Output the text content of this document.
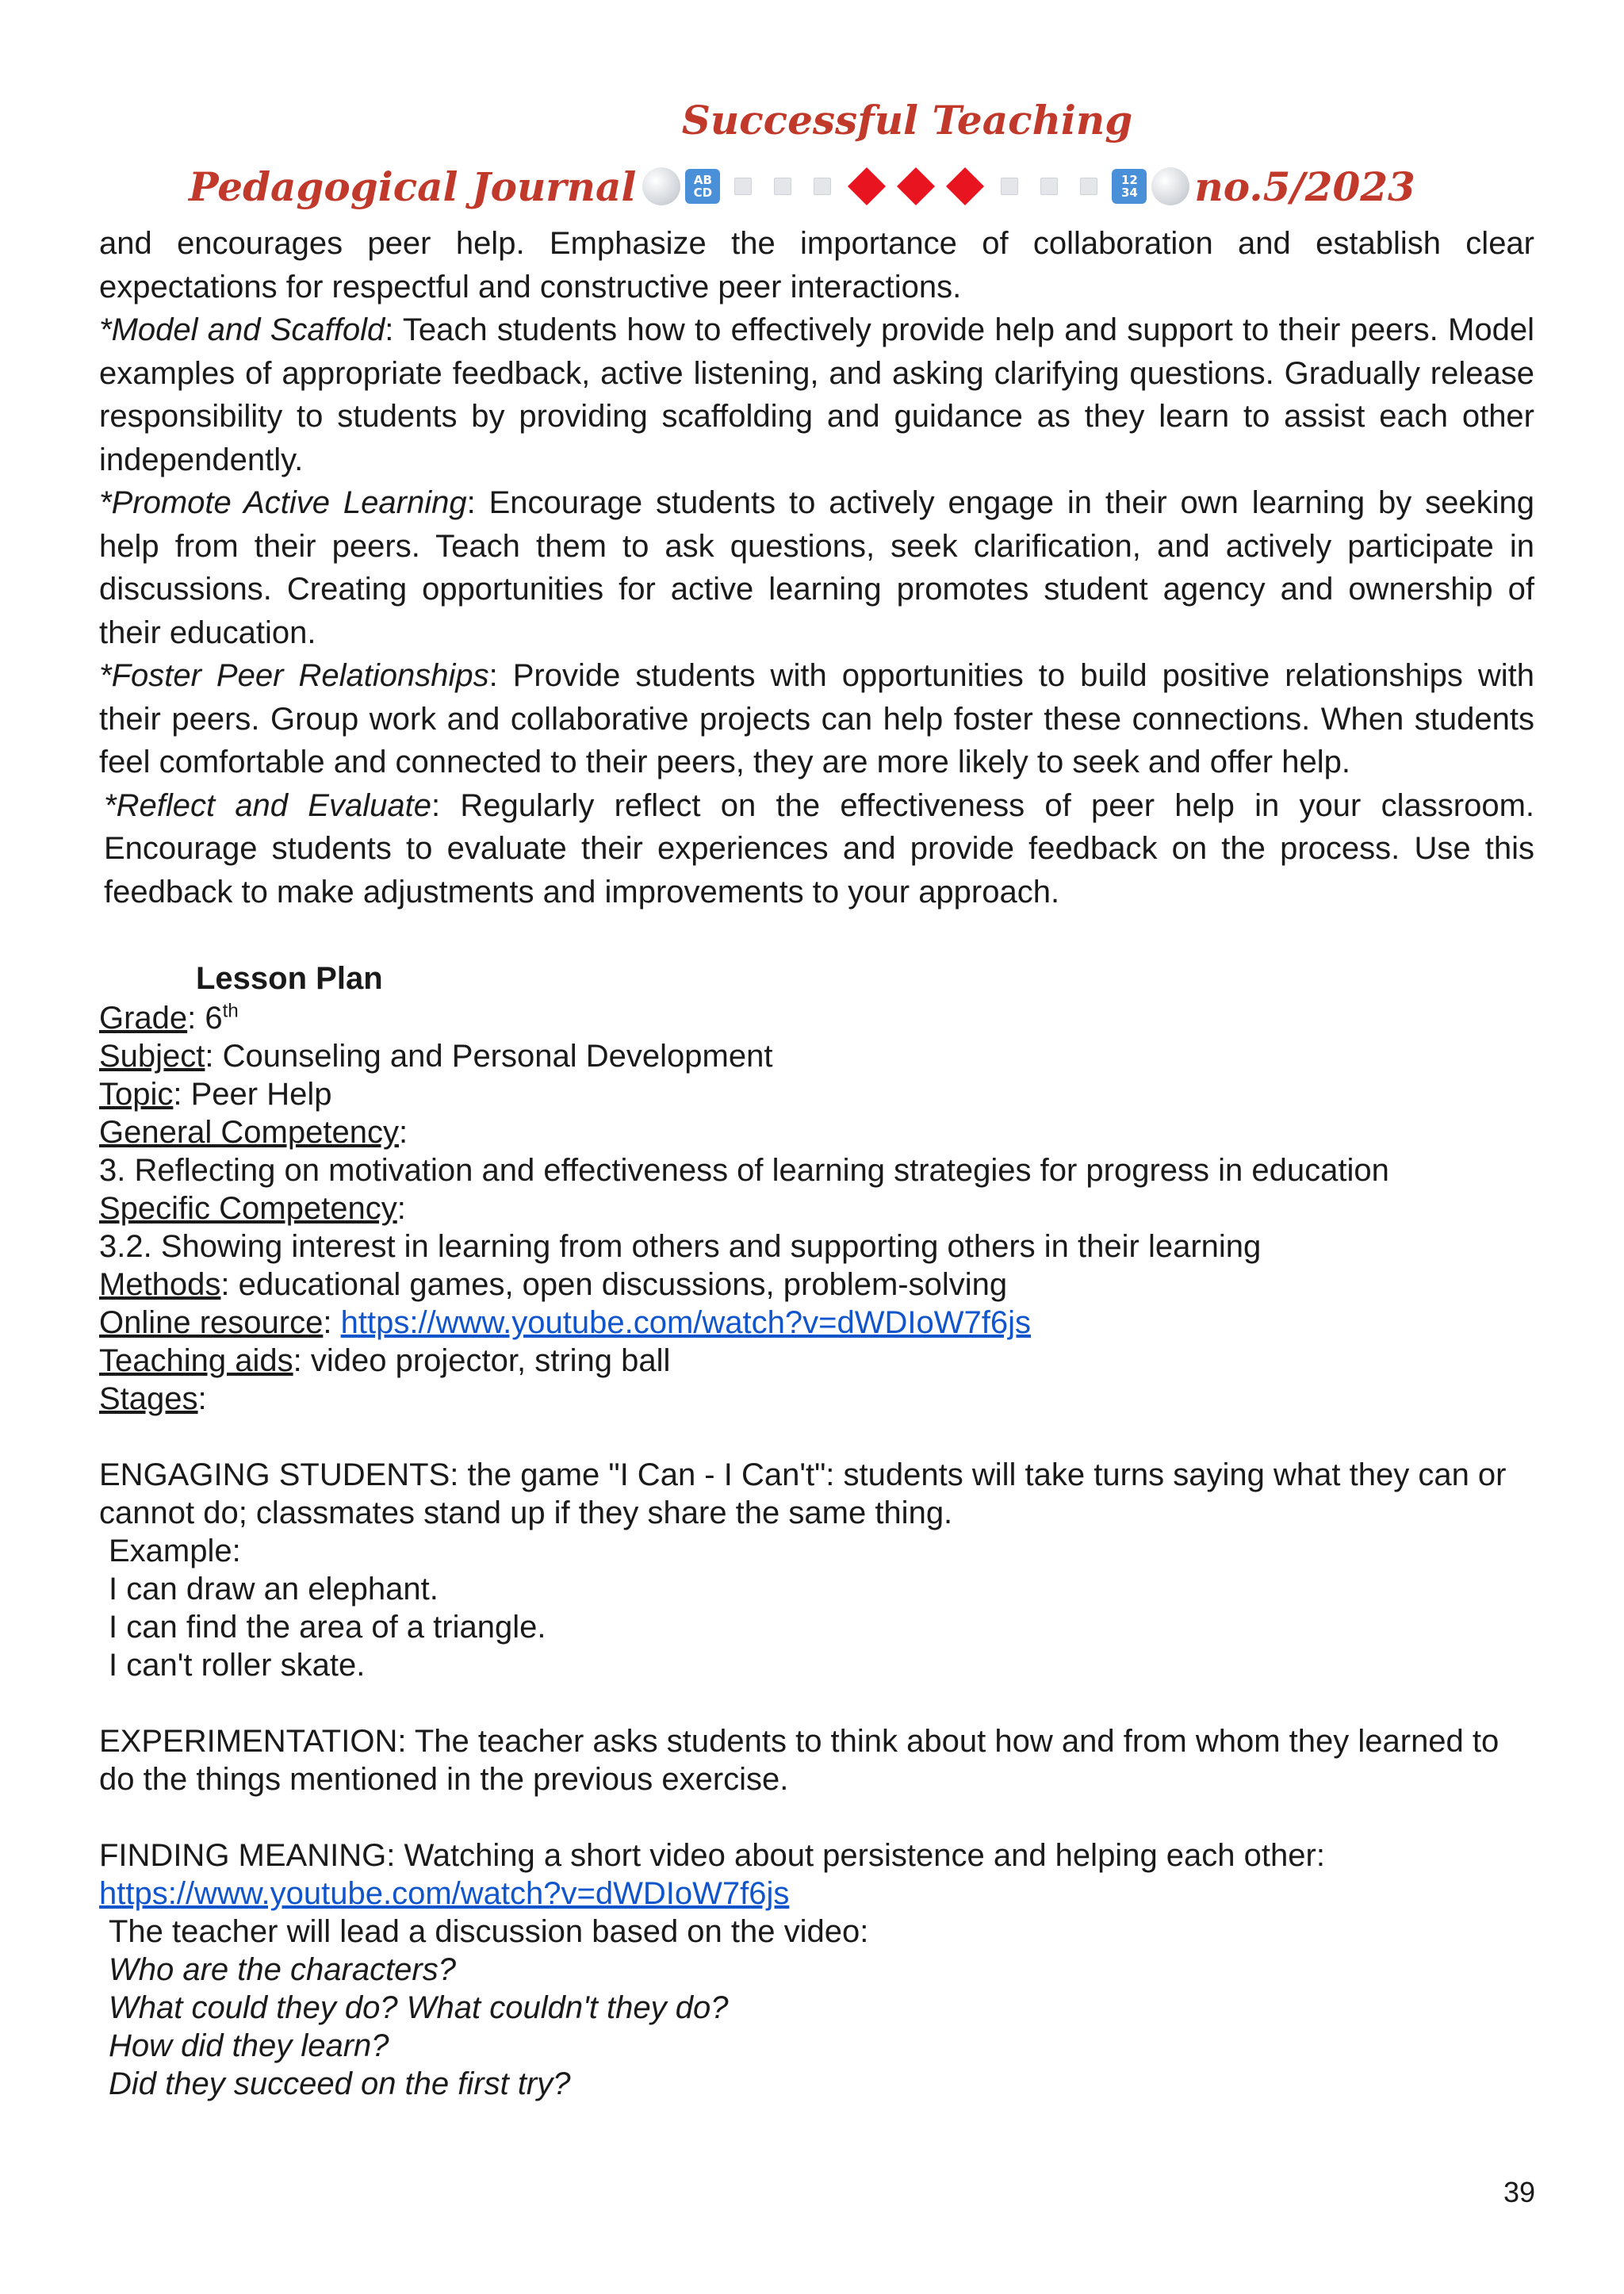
Successful Teaching
Pedagogical Journal	AB
CD
12
34 no.5/2023

and encourages peer help. Emphasize the importance of collaboration and establish clear expectations for respectful and constructive peer interactions.

*Model and Scaffold: Teach students how to effectively provide help and support to their peers. Model examples of appropriate feedback, active listening, and asking clarifying questions. Gradually release responsibility to students by providing scaffolding and guidance as they learn to assist each other independently.

*Promote Active Learning: Encourage students to actively engage in their own learning by seeking help from their peers. Teach them to ask questions, seek clarification, and actively participate in discussions. Creating opportunities for active learning promotes student agency and ownership of their education.

*Foster Peer Relationships: Provide students with opportunities to build positive relationships with their peers. Group work and collaborative projects can help foster these connections. When students feel comfortable and connected to their peers, they are more likely to seek and offer help.

*Reflect and Evaluate: Regularly reflect on the effectiveness of peer help in your classroom. Encourage students to evaluate their experiences and provide feedback on the process. Use this feedback to make adjustments and improvements to your approach.

Lesson Plan

Grade: 6th

Subject: Counseling and Personal Development

Topic: Peer Help

General Competency:

3. Reflecting on motivation and effectiveness of learning strategies for progress in education

Specific Competency:

3.2. Showing interest in learning from others and supporting others in their learning

Methods: educational games, open discussions, problem-solving

Online resource: https://www.youtube.com/watch?v=dWDIoW7f6js

Teaching aids: video projector, string ball

Stages:

ENGAGING STUDENTS: the game "I Can - I Can't": students will take turns saying what they can or cannot do; classmates stand up if they share the same thing.

Example:

I can draw an elephant.

I can find the area of a triangle.

I can't roller skate.

EXPERIMENTATION: The teacher asks students to think about how and from whom they learned to do the things mentioned in the previous exercise.

FINDING MEANING: Watching a short video about persistence and helping each other:

https://www.youtube.com/watch?v=dWDIoW7f6js

The teacher will lead a discussion based on the video:

Who are the characters?

What could they do? What couldn't they do?

How did they learn?

Did they succeed on the first try?

39
